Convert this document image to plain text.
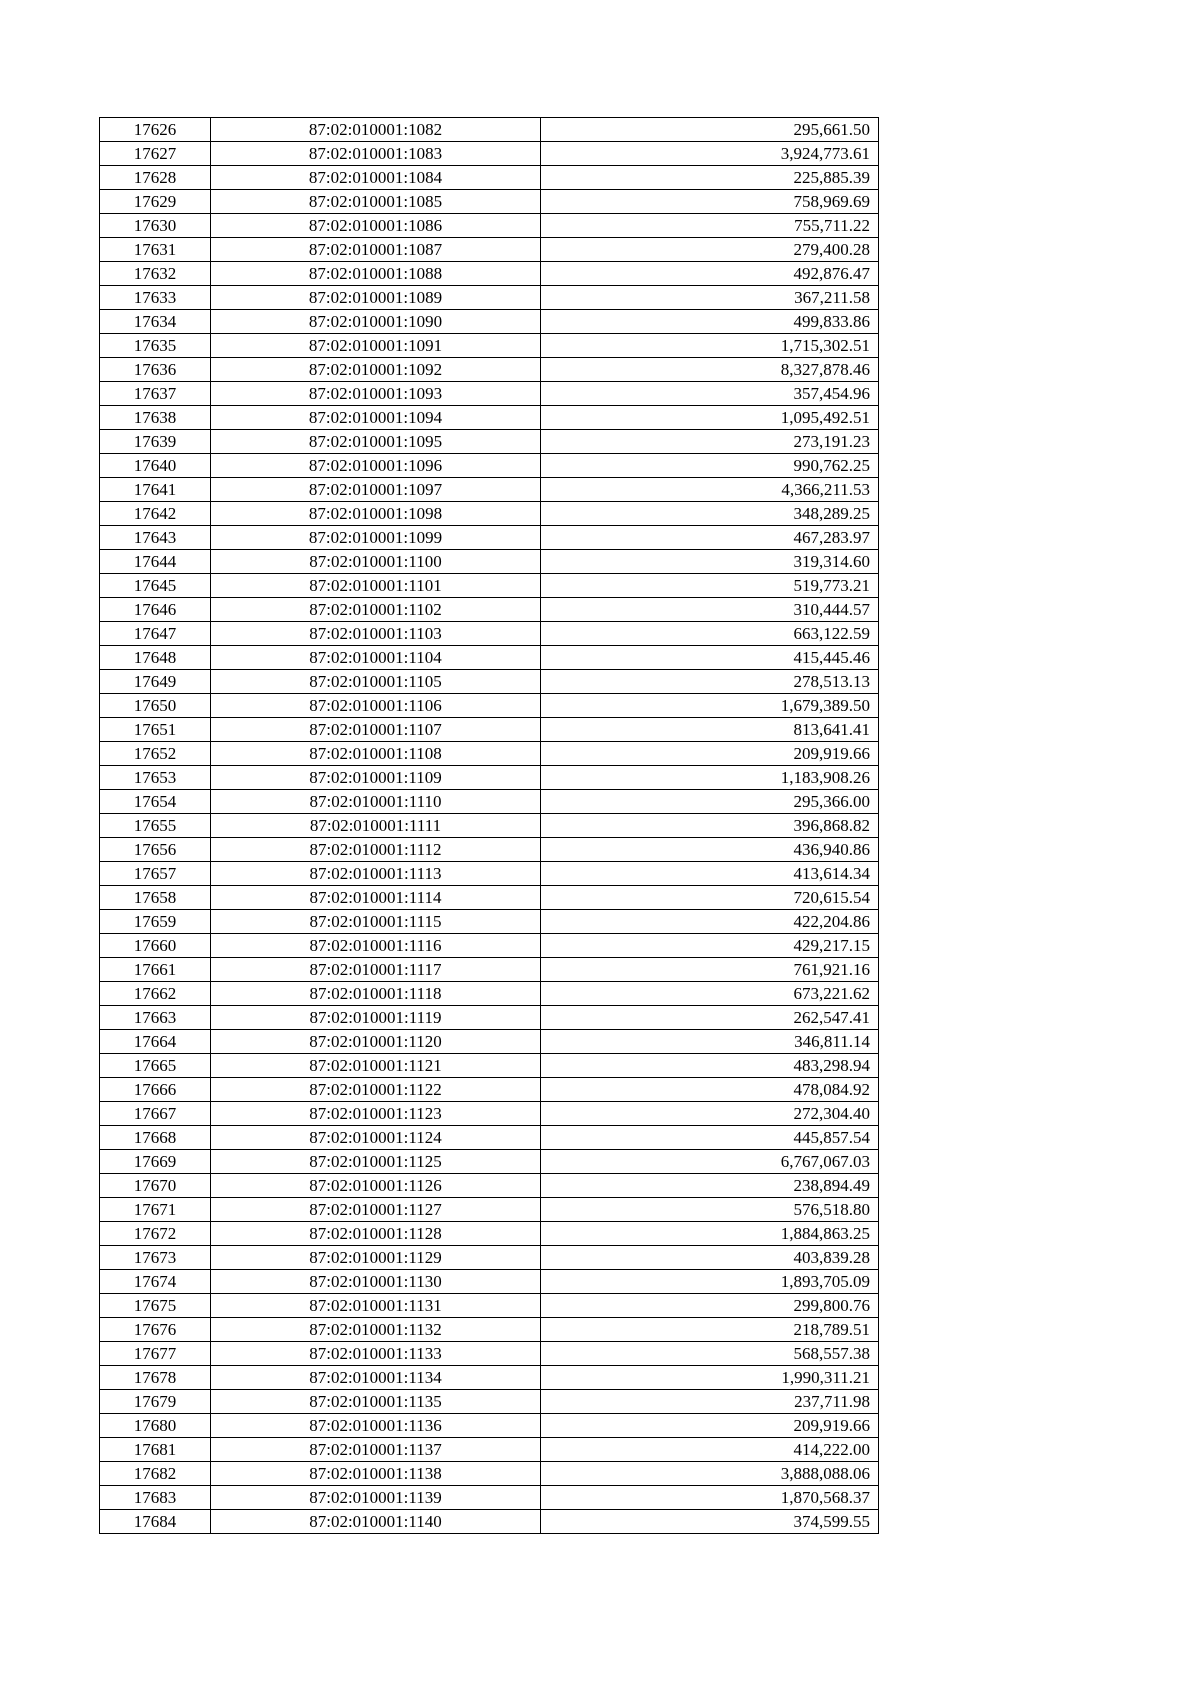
17626	87:02:010001:1082	295,661.50
17627	87:02:010001:1083	3,924,773.61
17628	87:02:010001:1084	225,885.39
17629	87:02:010001:1085	758,969.69
17630	87:02:010001:1086	755,711.22
17631	87:02:010001:1087	279,400.28
17632	87:02:010001:1088	492,876.47
17633	87:02:010001:1089	367,211.58
17634	87:02:010001:1090	499,833.86
17635	87:02:010001:1091	1,715,302.51
17636	87:02:010001:1092	8,327,878.46
17637	87:02:010001:1093	357,454.96
17638	87:02:010001:1094	1,095,492.51
17639	87:02:010001:1095	273,191.23
17640	87:02:010001:1096	990,762.25
17641	87:02:010001:1097	4,366,211.53
17642	87:02:010001:1098	348,289.25
17643	87:02:010001:1099	467,283.97
17644	87:02:010001:1100	319,314.60
17645	87:02:010001:1101	519,773.21
17646	87:02:010001:1102	310,444.57
17647	87:02:010001:1103	663,122.59
17648	87:02:010001:1104	415,445.46
17649	87:02:010001:1105	278,513.13
17650	87:02:010001:1106	1,679,389.50
17651	87:02:010001:1107	813,641.41
17652	87:02:010001:1108	209,919.66
17653	87:02:010001:1109	1,183,908.26
17654	87:02:010001:1110	295,366.00
17655	87:02:010001:1111	396,868.82
17656	87:02:010001:1112	436,940.86
17657	87:02:010001:1113	413,614.34
17658	87:02:010001:1114	720,615.54
17659	87:02:010001:1115	422,204.86
17660	87:02:010001:1116	429,217.15
17661	87:02:010001:1117	761,921.16
17662	87:02:010001:1118	673,221.62
17663	87:02:010001:1119	262,547.41
17664	87:02:010001:1120	346,811.14
17665	87:02:010001:1121	483,298.94
17666	87:02:010001:1122	478,084.92
17667	87:02:010001:1123	272,304.40
17668	87:02:010001:1124	445,857.54
17669	87:02:010001:1125	6,767,067.03
17670	87:02:010001:1126	238,894.49
17671	87:02:010001:1127	576,518.80
17672	87:02:010001:1128	1,884,863.25
17673	87:02:010001:1129	403,839.28
17674	87:02:010001:1130	1,893,705.09
17675	87:02:010001:1131	299,800.76
17676	87:02:010001:1132	218,789.51
17677	87:02:010001:1133	568,557.38
17678	87:02:010001:1134	1,990,311.21
17679	87:02:010001:1135	237,711.98
17680	87:02:010001:1136	209,919.66
17681	87:02:010001:1137	414,222.00
17682	87:02:010001:1138	3,888,088.06
17683	87:02:010001:1139	1,870,568.37
17684	87:02:010001:1140	374,599.55
